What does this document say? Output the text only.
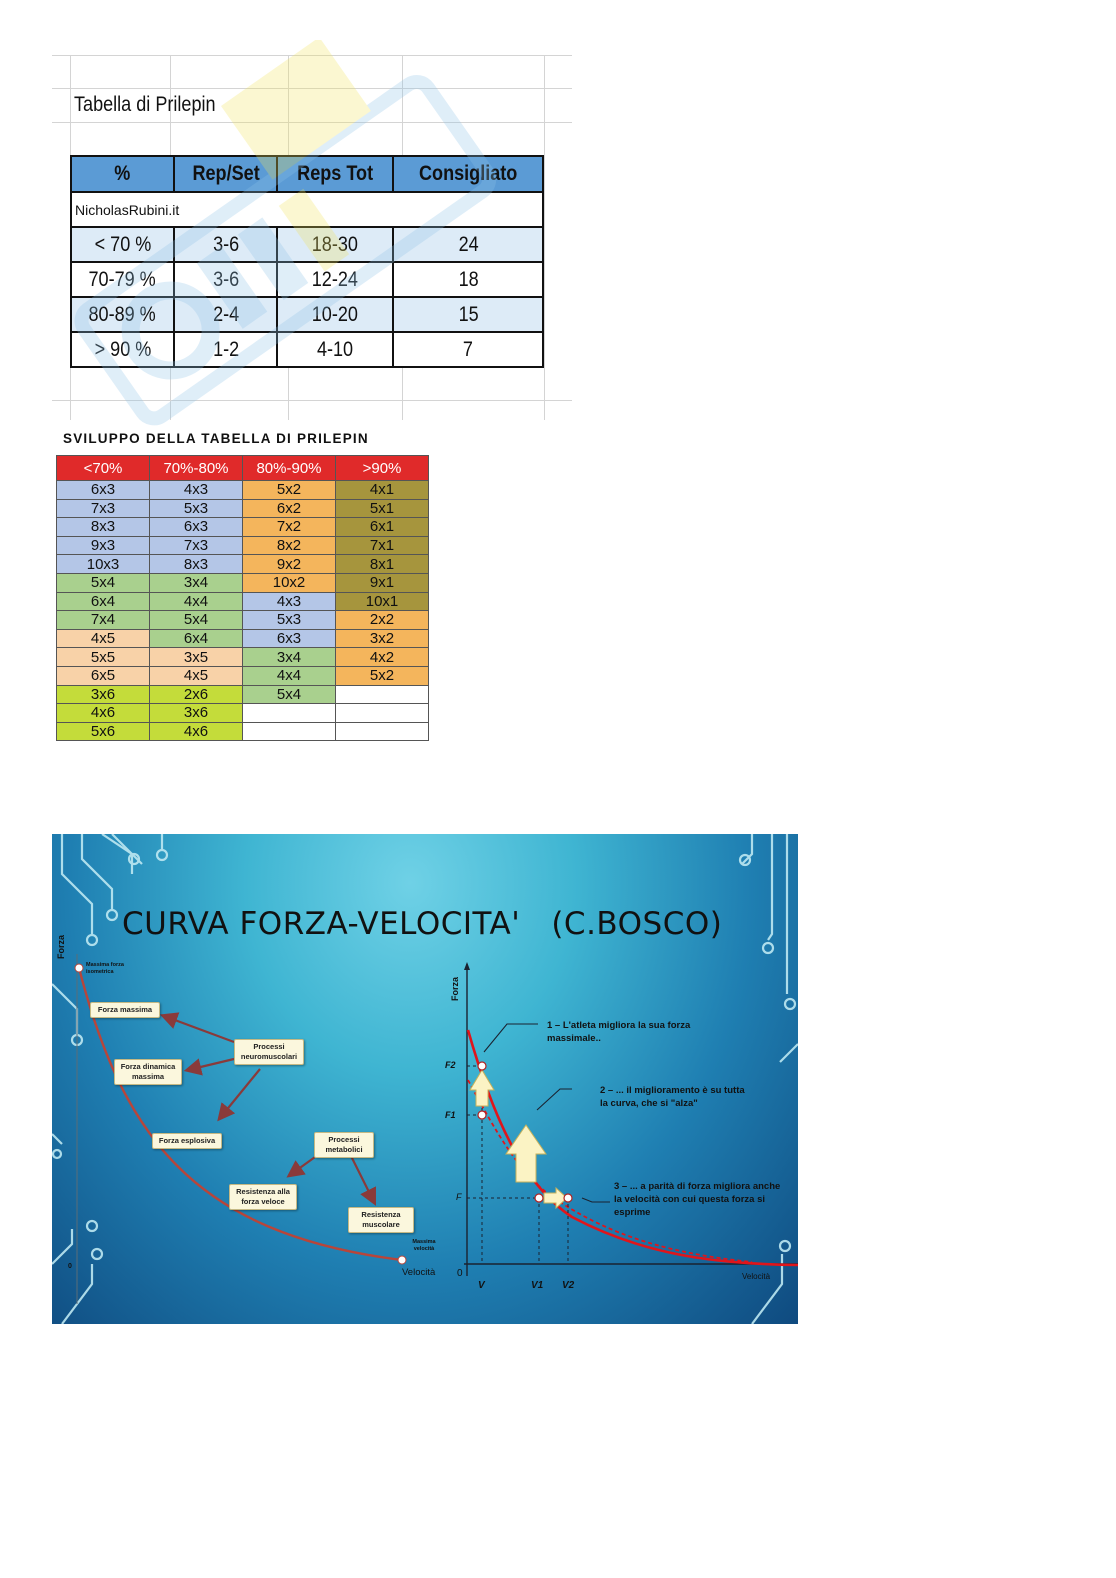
Tabella di Prilepin
%	Rep/Set	Reps Tot	Consigliato
NicholasRubini.it			
< 70 %	3-6	18-30	24
70-79 %	3-6	12-24	18
80-89 %	2-4	10-20	15
> 90 %	1-2	4-10	7
SVILUPPO DELLA TABELLA DI PRILEPIN
<70%	70%-80%	80%-90%	>90%
6x3	4x3	5x2	4x1
7x3	5x3	6x2	5x1
8x3	6x3	7x2	6x1
9x3	7x3	8x2	7x1
10x3	8x3	9x2	8x1
5x4	3x4	10x2	9x1
6x4	4x4	4x3	10x1
7x4	5x4	5x3	2x2
4x5	6x4	6x3	3x2
5x5	3x5	3x4	4x2
6x5	4x5	4x4	5x2
3x6	2x6	5x4	
4x6	3x6		
5x6	4x6		
CURVA FORZA-VELOCITA'   (C.BOSCO)
Forza
Massima forza isometrica
0
Massima velocità
Velocità
Forza massima
Forza dinamica massima
Processi neuromuscolari
Forza esplosiva	Processi metabolici
Resistenza alla forza veloce
Resistenza muscolare
Forza
F2
F1
F
0
V	V1 V2
Velocità
1 – L'atleta migliora la sua forza massimale..
2 – ... il miglioramento è su tutta la curva, che si "alza"
3 – ... a parità di forza migliora anche la velocità con cui questa forza si esprime
